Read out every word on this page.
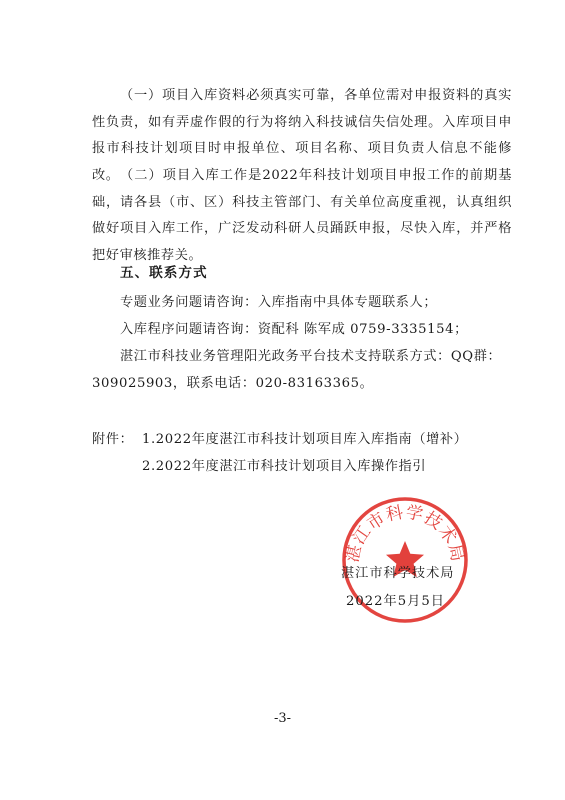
（一）项目入库资料必须真实可靠，各单位需对申报资料的真实性负责，如有弄虚作假的行为将纳入科技诚信失信处理。入库项目申报市科技计划项目时申报单位、项目名称、项目负责人信息不能修改。 （二）项目入库工作是2022年科技计划项目申报工作的前期基础，请各县（市、区）科技主管部门、有关单位高度重视，认真组织做好项目入库工作，广泛发动科研人员踊跃申报，尽快入库，并严格把好审核推荐关。

五、联系方式

专题业务问题请咨询：入库指南中具体专题联系人；

入库程序问题请咨询：资配科 陈军成 0759-3335154；

湛江市科技业务管理阳光政务平台技术支持联系方式：QQ群：

309025903，联系电话：020-83163365。

附件： 1.2022年度湛江市科技计划项目库入库指南（增补）

2.2022年度湛江市科技计划项目入库操作指引

湛江市科学技术局
湛江市科学技术局
2022年5月5日
-3-
